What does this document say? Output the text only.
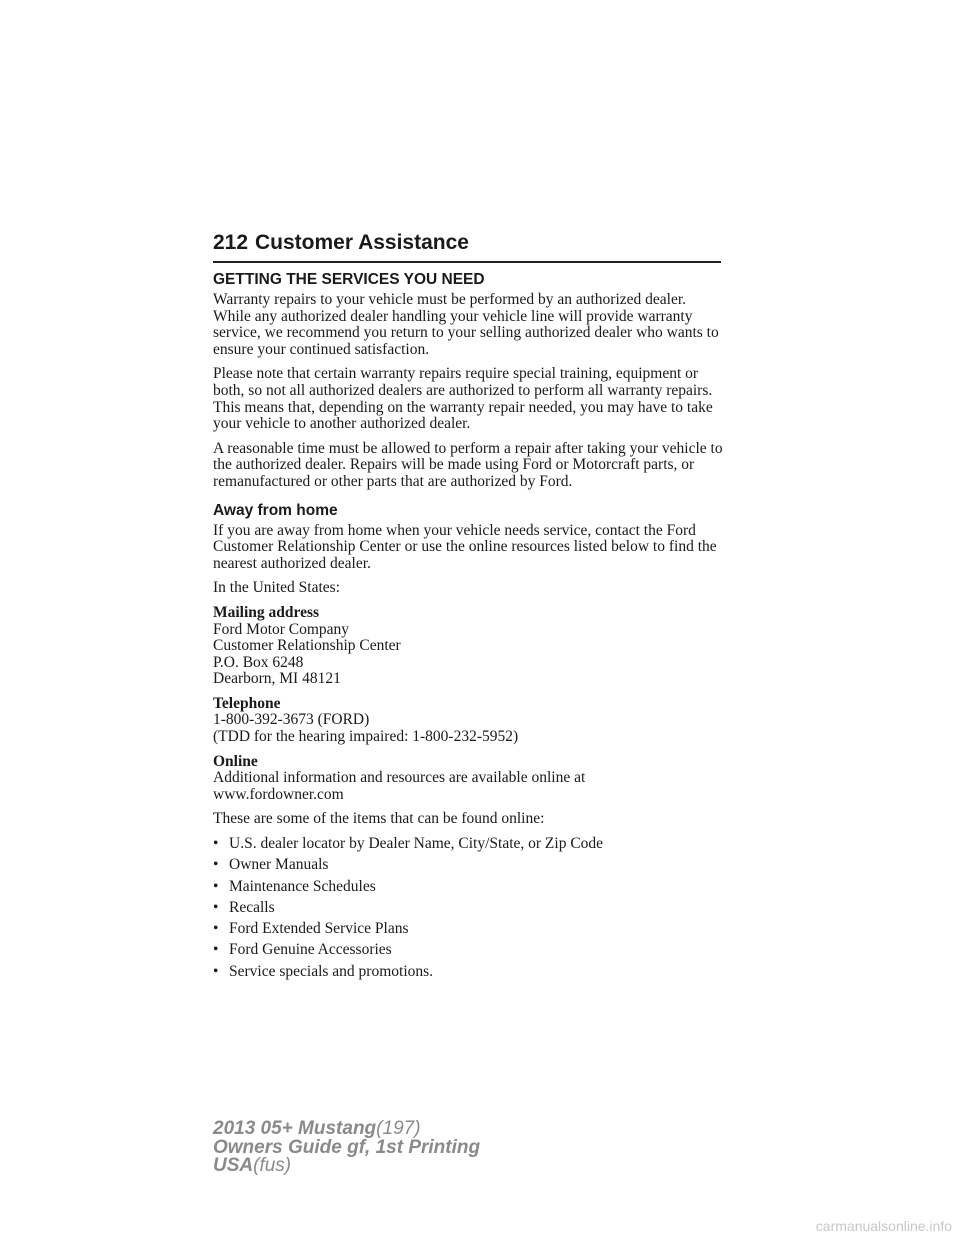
212 Customer Assistance
GETTING THE SERVICES YOU NEED

Warranty repairs to your vehicle must be performed by an authorized dealer. While any authorized dealer handling your vehicle line will provide warranty service, we recommend you return to your selling authorized dealer who wants to ensure your continued satisfaction.

Please note that certain warranty repairs require special training, equipment or both, so not all authorized dealers are authorized to perform all warranty repairs. This means that, depending on the warranty repair needed, you may have to take your vehicle to another authorized dealer.

A reasonable time must be allowed to perform a repair after taking your vehicle to the authorized dealer. Repairs will be made using Ford or Motorcraft parts, or remanufactured or other parts that are authorized by Ford.

Away from home

If you are away from home when your vehicle needs service, contact the Ford Customer Relationship Center or use the online resources listed below to find the nearest authorized dealer.

In the United States:

Mailing address
Ford Motor Company
Customer Relationship Center
P.O. Box 6248
Dearborn, MI 48121
Telephone
1-800-392-3673 (FORD)
(TDD for the hearing impaired: 1-800-232-5952)
Online
Additional information and resources are available online at
www.fordowner.com

These are some of the items that can be found online:

• U.S. dealer locator by Dealer Name, City/State, or Zip Code
• Owner Manuals
• Maintenance Schedules
• Recalls
• Ford Extended Service Plans
• Ford Genuine Accessories
• Service specials and promotions.
2013 05+ Mustang(197)
Owners Guide gf, 1st Printing
USA(fus)
carmanualsonline.info
